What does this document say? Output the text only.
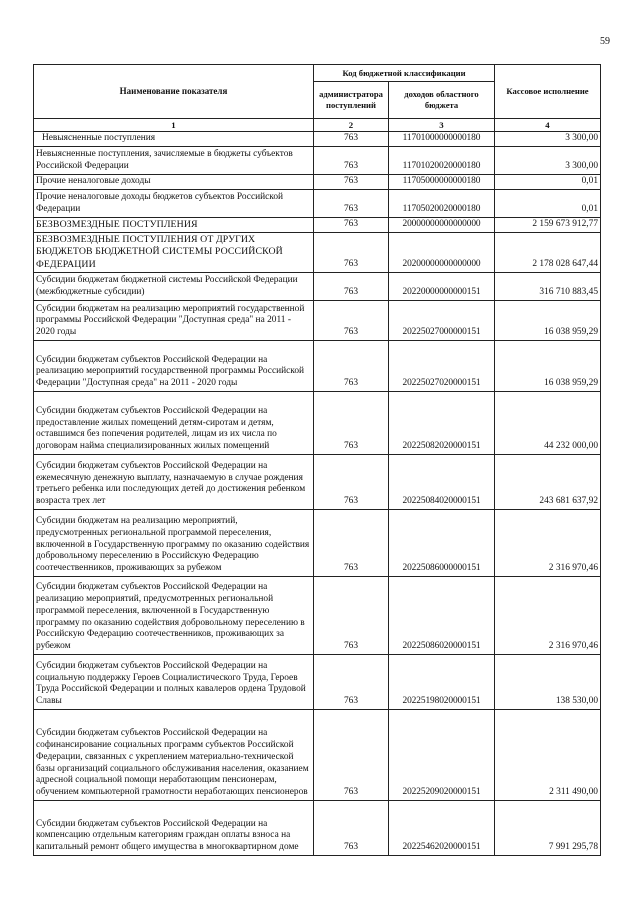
59
Наименование показателя	Код бюджетной классификации		Кассовое исполнение
	администратора поступлений	доходов областного бюджета	
1	2	3	4
Невыясненные поступления	763	11701000000000180	3 300,00
Невыясненные поступления, зачисляемые в бюджеты субъектов Российской Федерации	763	11701020020000180	3 300,00
Прочие неналоговые доходы	763	11705000000000180	0,01
Прочие неналоговые доходы бюджетов субъектов Российской Федерации	763	11705020020000180	0,01
БЕЗВОЗМЕЗДНЫЕ ПОСТУПЛЕНИЯ	763	20000000000000000	2 159 673 912,77
БЕЗВОЗМЕЗДНЫЕ ПОСТУПЛЕНИЯ ОТ ДРУГИХ БЮДЖЕТОВ БЮДЖЕТНОЙ СИСТЕМЫ РОССИЙСКОЙ ФЕДЕРАЦИИ	763	20200000000000000	2 178 028 647,44
Субсидии бюджетам бюджетной системы Российской Федерации (межбюджетные субсидии)	763	20220000000000151	316 710 883,45
Субсидии бюджетам на реализацию мероприятий государственной программы Российской Федерации "Доступная среда" на 2011 - 2020 годы	763	20225027000000151	16 038 959,29
Субсидии бюджетам субъектов Российской Федерации на реализацию мероприятий государственной программы Российской Федерации "Доступная среда" на 2011 - 2020 годы	763	20225027020000151	16 038 959,29
Субсидии бюджетам субъектов Российской Федерации на предоставление жилых помещений детям-сиротам и детям, оставшимся без попечения родителей, лицам из их числа по договорам найма специализированных жилых помещений	763	20225082020000151	44 232 000,00
Субсидии бюджетам субъектов Российской Федерации на ежемесячную денежную выплату, назначаемую в случае рождения третьего ребенка или последующих детей до достижения ребенком возраста трех лет	763	20225084020000151	243 681 637,92
Субсидии бюджетам на реализацию мероприятий, предусмотренных региональной программой переселения, включенной в Государственную программу по оказанию содействия добровольному переселению в Российскую Федерацию соотечественников, проживающих за рубежом	763	20225086000000151	2 316 970,46
Субсидии бюджетам субъектов Российской Федерации на реализацию мероприятий, предусмотренных региональной программой переселения, включенной в Государственную программу по оказанию содействия добровольному переселению в Российскую Федерацию соотечественников, проживающих за рубежом	763	20225086020000151	2 316 970,46
Субсидии бюджетам субъектов Российской Федерации на социальную поддержку Героев Социалистического Труда, Героев Труда Российской Федерации и полных кавалеров ордена Трудовой Славы	763	20225198020000151	138 530,00
Субсидии бюджетам субъектов Российской Федерации на софинансирование социальных программ субъектов Российской Федерации, связанных с укреплением материально-технической базы организаций социального обслуживания населения, оказанием адресной социальной помощи неработающим пенсионерам, обучением компьютерной грамотности неработающих пенсионеров	763	20225209020000151	2 311 490,00
Субсидии бюджетам субъектов Российской Федерации на компенсацию отдельным категориям граждан оплаты взноса на капитальный ремонт общего имущества в многоквартирном доме	763	20225462020000151	7 991 295,78
